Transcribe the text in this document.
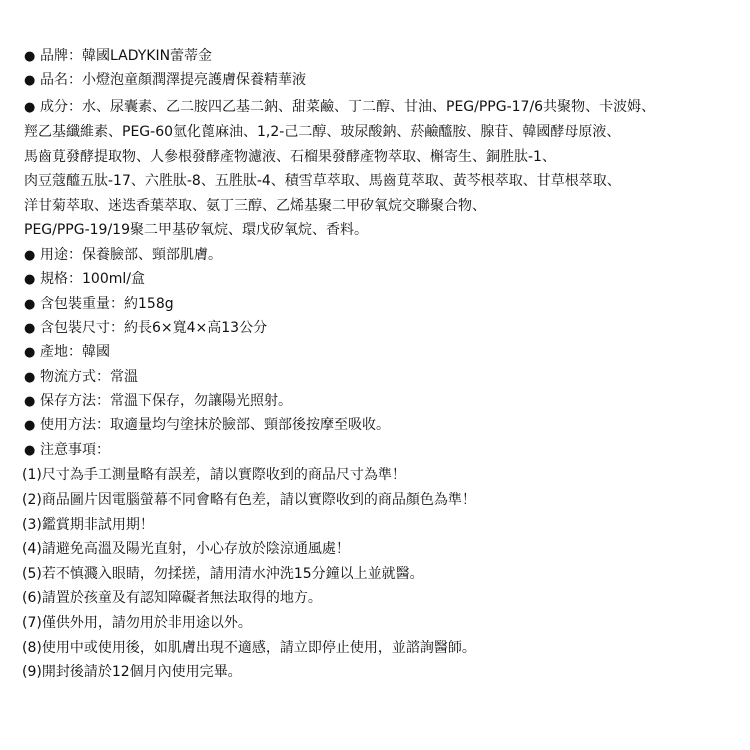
● 品牌：韓國LADYKIN蕾蒂金
● 品名：小燈泡童顏潤澤提亮護膚保養精華液
● 成分：水、尿囊素、乙二胺四乙基二鈉、甜菜鹼、丁二醇、甘油、PEG/PPG-17/6共聚物、卡波姆、
羥乙基纖維素、PEG-60氫化蓖麻油、1,2-己二醇、玻尿酸鈉、菸鹼醯胺、腺苷、韓國酵母原液、
馬齒莧發酵提取物、人參根發酵產物濾液、石榴果發酵產物萃取、槲寄生、銅胜肽-1、
肉豆蔻醯五肽-17、六胜肽-8、五胜肽-4、積雪草萃取、馬齒莧萃取、黃芩根萃取、甘草根萃取、
洋甘菊萃取、迷迭香葉萃取、氨丁三醇、乙烯基聚二甲矽氧烷交聯聚合物、
PEG/PPG-19/19聚二甲基矽氧烷、環戊矽氧烷、香料。
● 用途：保養臉部、頸部肌膚。
● 規格：100ml/盒
● 含包裝重量：約158g
● 含包裝尺寸：約長6×寬4×高13公分
● 產地：韓國
● 物流方式：常溫
● 保存方法：常溫下保存，勿讓陽光照射。
● 使用方法：取適量均勻塗抹於臉部、頸部後按摩至吸收。
● 注意事項：
(1)尺寸為手工測量略有誤差，請以實際收到的商品尺寸為準！
(2)商品圖片因電腦螢幕不同會略有色差，請以實際收到的商品顏色為準！
(3)鑑賞期非試用期！
(4)請避免高溫及陽光直射，小心存放於陰涼通風處！
(5)若不慎濺入眼睛，勿揉搓，請用清水沖洗15分鐘以上並就醫。
(6)請置於孩童及有認知障礙者無法取得的地方。
(7)僅供外用，請勿用於非用途以外。
(8)使用中或使用後，如肌膚出現不適感，請立即停止使用，並諮詢醫師。
(9)開封後請於12個月內使用完畢。
